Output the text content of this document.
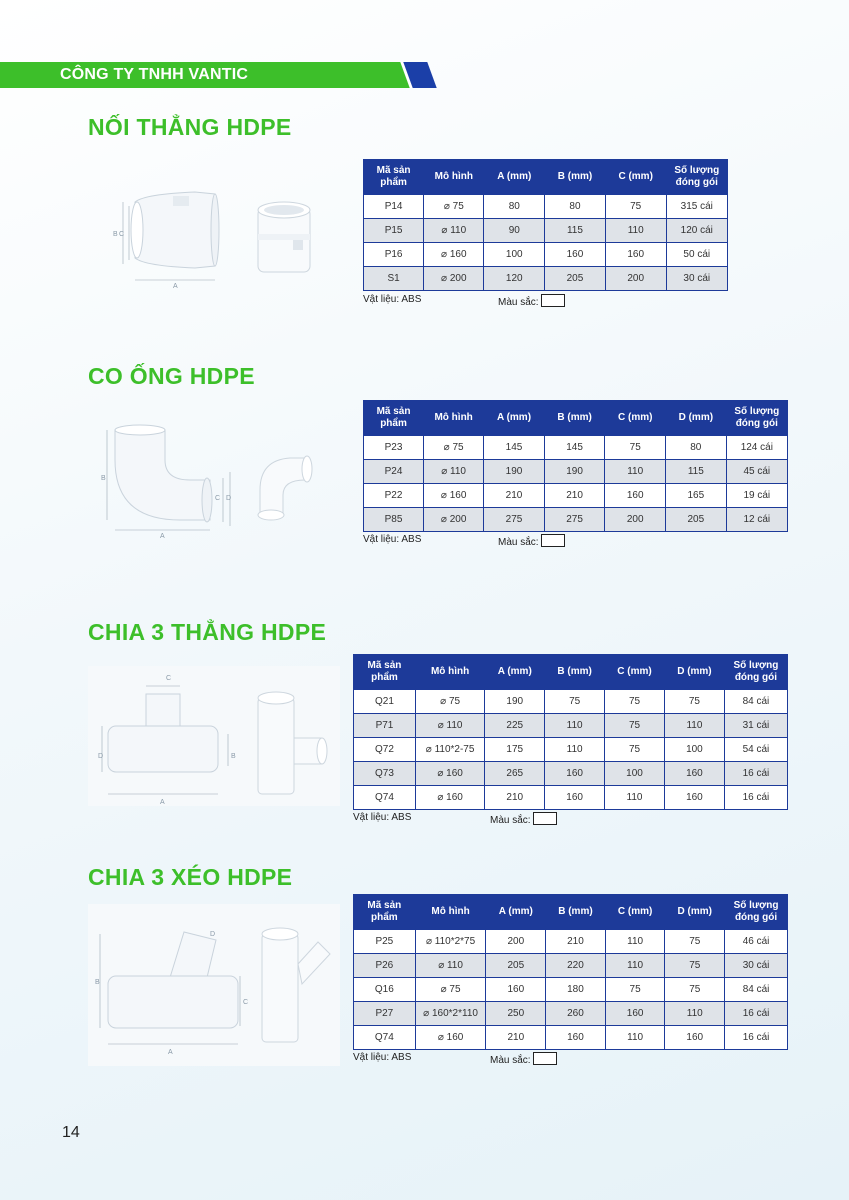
CÔNG TY TNHH VANTIC
NỐI THẲNG HDPE
B C
A
Mã sản phẩm	Mô hình	A (mm)	B (mm)	C (mm)	Số lượng đóng gói
P14	⌀ 75	80	80	75	315 cái
P15	⌀ 110	90	115	110	120 cái
P16	⌀ 160	100	160	160	50 cái
S1	⌀ 200	120	205	200	30 cái
Vật liệu: ABS	Màu sắc:
CO ỐNG HDPE
B
C D
A
Mã sản phẩm	Mô hình	A (mm)	B (mm)	C (mm)	D (mm)	Số lượng đóng gói
P23	⌀ 75	145	145	75	80	124 cái
P24	⌀ 110	190	190	110	115	45 cái
P22	⌀ 160	210	210	160	165	19 cái
P85	⌀ 200	275	275	200	205	12 cái
Vật liệu: ABS	Màu sắc:
CHIA 3 THẲNG HDPE
C
D	B
A
Mã sản phẩm	Mô hình	A (mm)	B (mm)	C (mm)	D (mm)	Số lượng đóng gói
Q21	⌀ 75	190	75	75	75	84 cái
P71	⌀ 110	225	110	75	110	31 cái
Q72	⌀ 110*2-75	175	110	75	100	54 cái
Q73	⌀ 160	265	160	100	160	16 cái
Q74	⌀ 160	210	160	110	160	16 cái
Vật liệu: ABS	Màu sắc:
CHIA 3 XÉO HDPE
D
B
C
A
Mã sản phẩm	Mô hình	A (mm)	B (mm)	C (mm)	D (mm)	Số lượng đóng gói
P25	⌀ 110*2*75	200	210	110	75	46 cái
P26	⌀ 110	205	220	110	75	30 cái
Q16	⌀ 75	160	180	75	75	84 cái
P27	⌀ 160*2*110	250	260	160	110	16 cái
Q74	⌀ 160	210	160	110	160	16 cái
Vật liệu: ABS	Màu sắc:
14
